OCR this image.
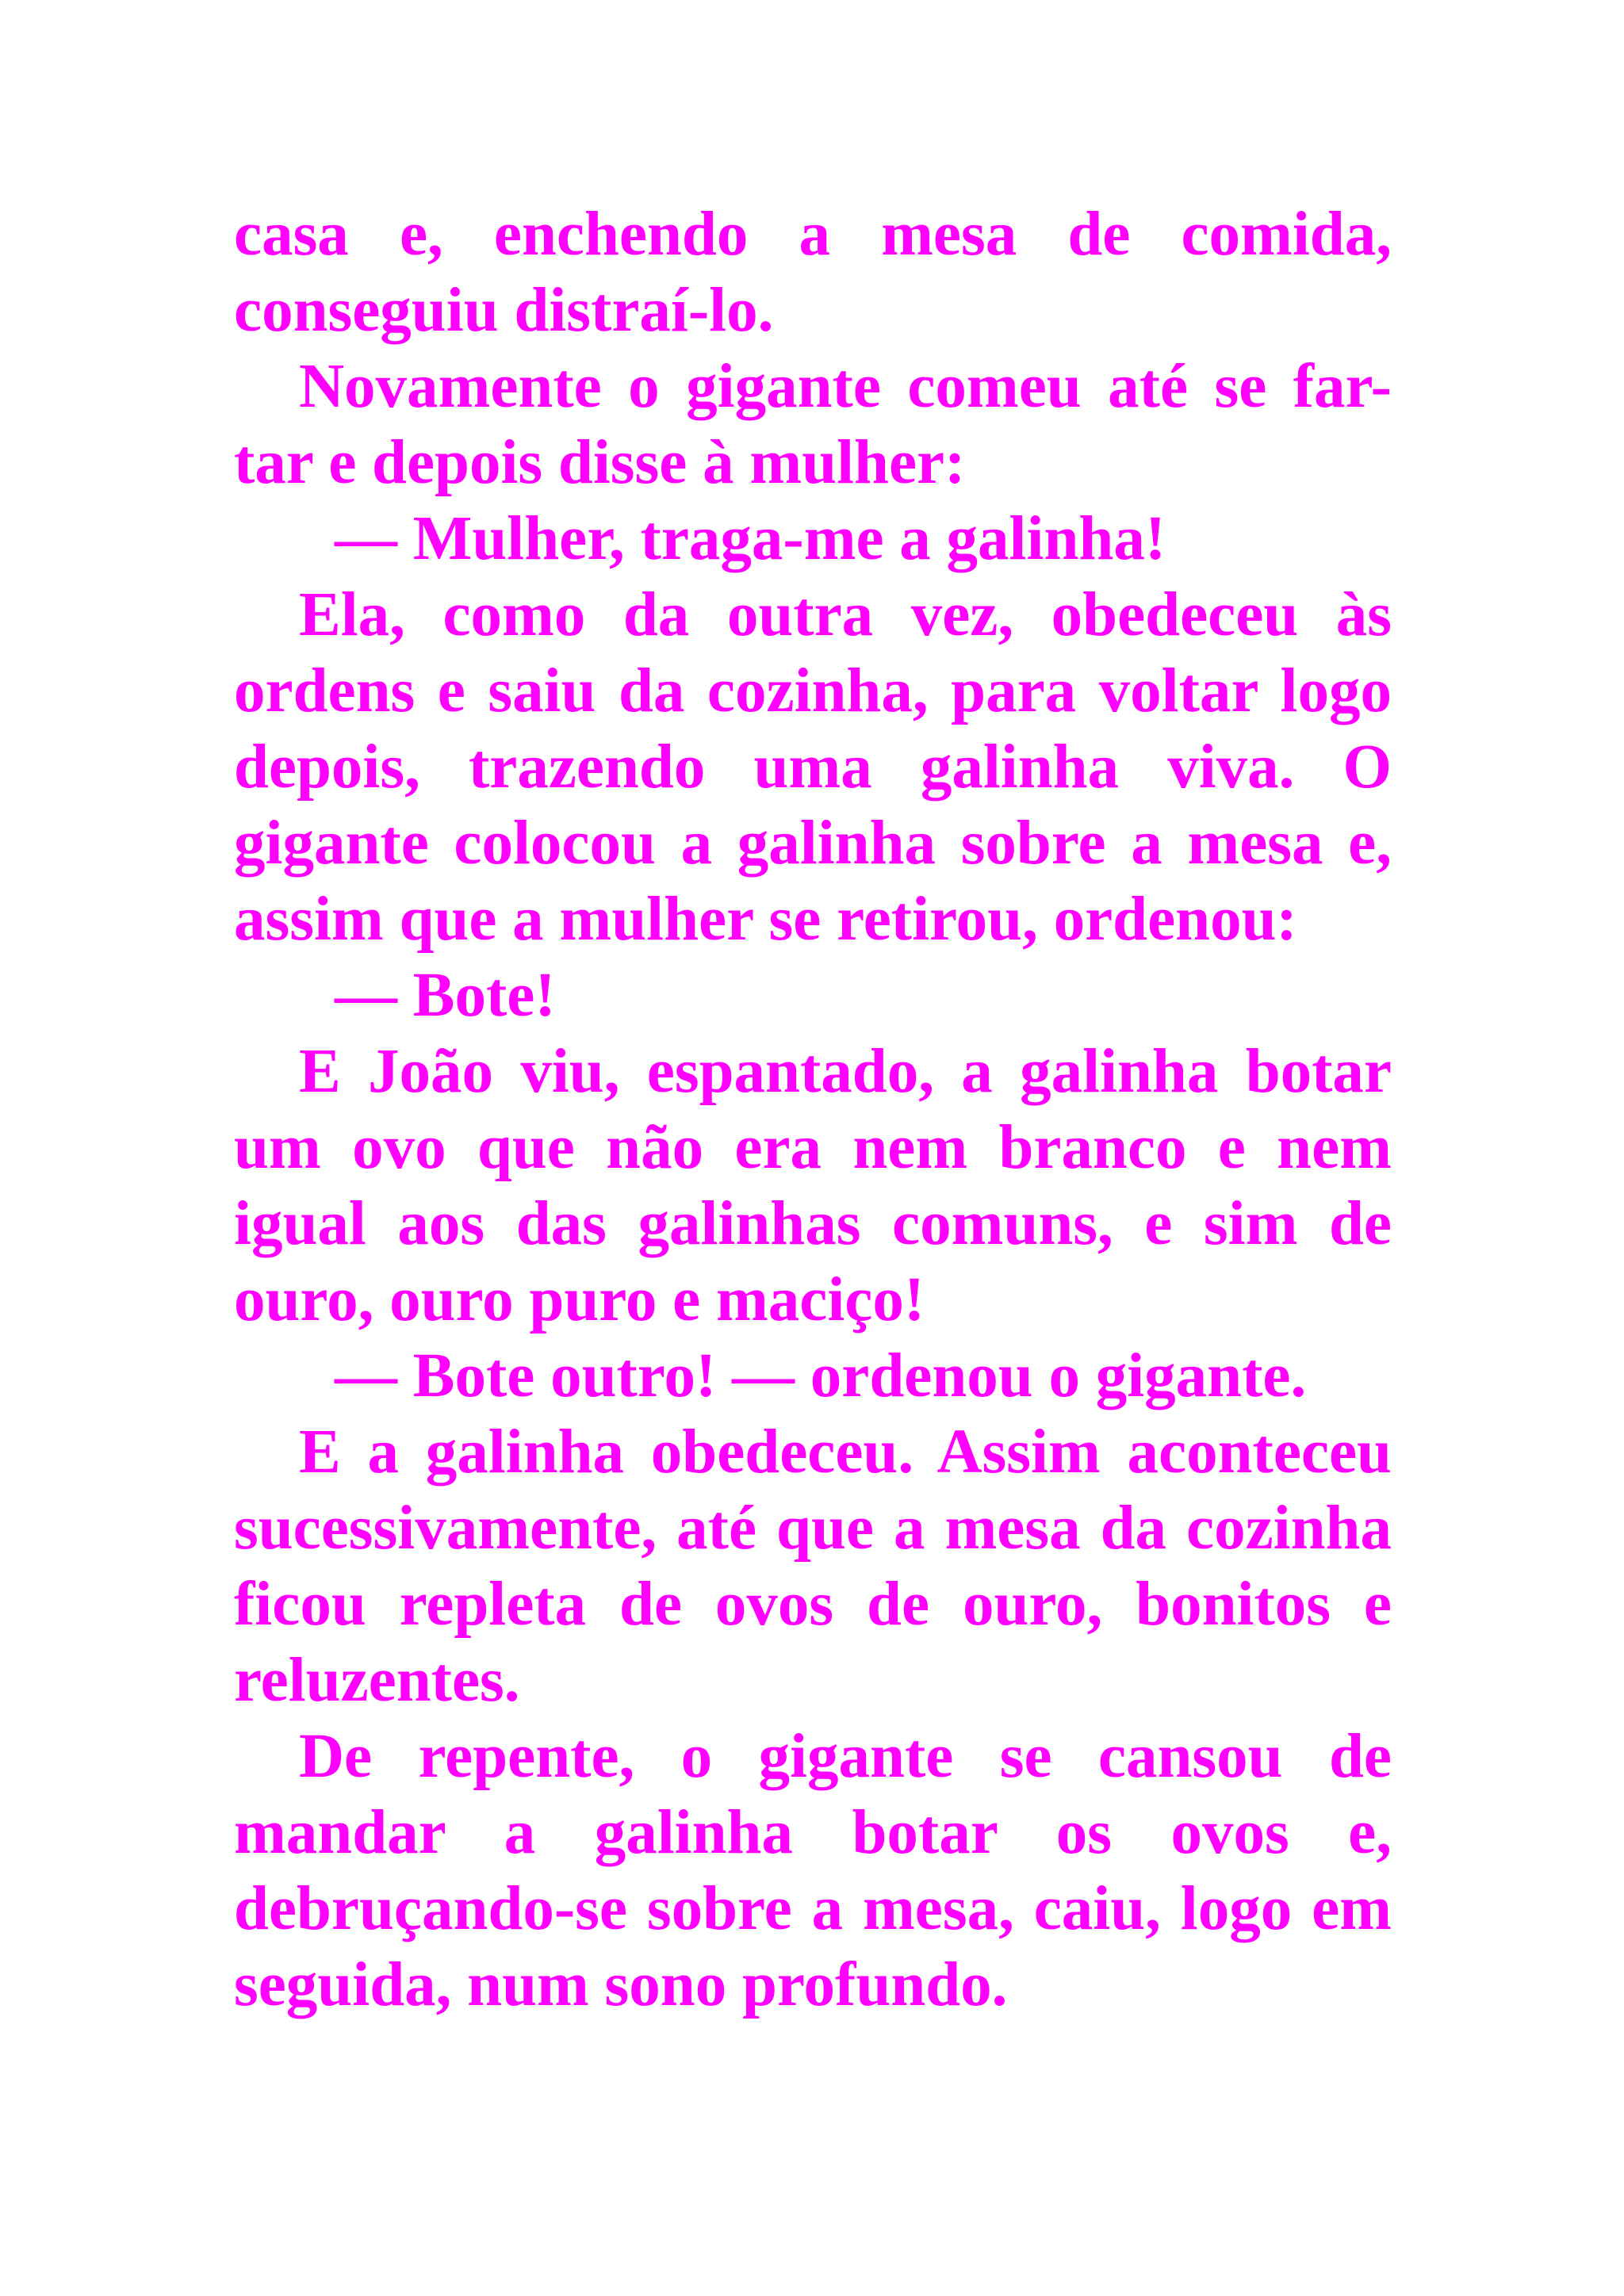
casa e, enchendo a mesa de comida, conseguiu distraí-lo.

Novamente o gigante comeu até se far-tar e depois disse à mulher:

— Mulher, traga-me a galinha!

Ela, como da outra vez, obedeceu às ordens e saiu da cozinha, para voltar logo depois, trazendo uma galinha viva. O gigante colocou a galinha sobre a mesa e, assim que a mulher se retirou, ordenou:

— Bote!

E João viu, espantado, a galinha botar um ovo que não era nem branco e nem igual aos das galinhas comuns, e sim de ouro, ouro puro e maciço!

— Bote outro! — ordenou o gigante.

E a galinha obedeceu. Assim aconteceu sucessivamente, até que a mesa da cozinha ficou repleta de ovos de ouro, bonitos e reluzentes.

De repente, o gigante se cansou de mandar a galinha botar os ovos e, debruçando-se sobre a mesa, caiu, logo em seguida, num sono profundo.
